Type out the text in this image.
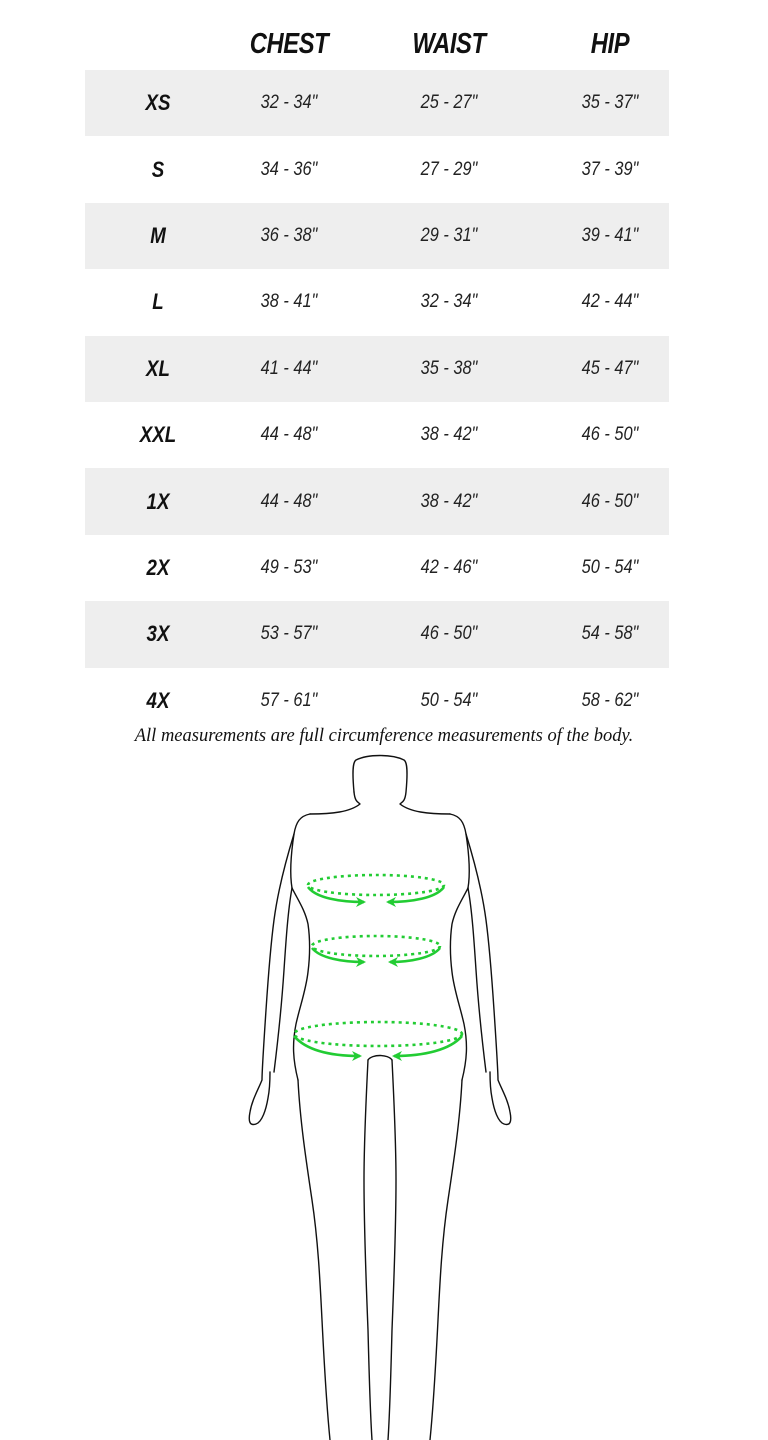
CHEST	WAIST	HIP
XS	32 - 34"	25 - 27"	35 - 37"
S	34 - 36"	27 - 29"	37 - 39"
M	36 - 38"	29 - 31"	39 - 41"
L	38 - 41"	32 - 34"	42 - 44"
XL	41 - 44"	35 - 38"	45 - 47"
XXL	44 - 48"	38 - 42"	46 - 50"
1X	44 - 48"	38 - 42"	46 - 50"
2X	49 - 53"	42 - 46"	50 - 54"
3X	53 - 57"	46 - 50"	54 - 58"
4X	57 - 61"	50 - 54"	58 - 62"
All measurements are full circumference measurements of the body.
